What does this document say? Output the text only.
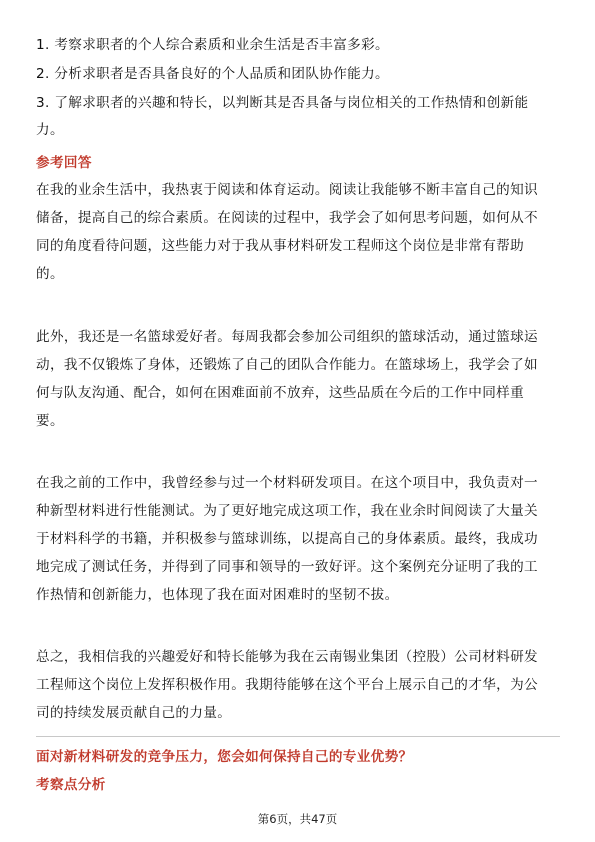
1. 考察求职者的个人综合素质和业余生活是否丰富多彩。
2. 分析求职者是否具备良好的个人品质和团队协作能力。
3. 了解求职者的兴趣和特长，以判断其是否具备与岗位相关的工作热情和创新能
力。
参考回答
在我的业余生活中，我热衷于阅读和体育运动。阅读让我能够不断丰富自己的知识
储备，提高自己的综合素质。在阅读的过程中，我学会了如何思考问题，如何从不
同的角度看待问题，这些能力对于我从事材料研发工程师这个岗位是非常有帮助
的。
此外，我还是一名篮球爱好者。每周我都会参加公司组织的篮球活动，通过篮球运
动，我不仅锻炼了身体，还锻炼了自己的团队合作能力。在篮球场上，我学会了如
何与队友沟通、配合，如何在困难面前不放弃，这些品质在今后的工作中同样重
要。
在我之前的工作中，我曾经参与过一个材料研发项目。在这个项目中，我负责对一
种新型材料进行性能测试。为了更好地完成这项工作，我在业余时间阅读了大量关
于材料科学的书籍，并积极参与篮球训练，以提高自己的身体素质。最终，我成功
地完成了测试任务，并得到了同事和领导的一致好评。这个案例充分证明了我的工
作热情和创新能力，也体现了我在面对困难时的坚韧不拔。
总之，我相信我的兴趣爱好和特长能够为我在云南锡业集团（控股）公司材料研发
工程师这个岗位上发挥积极作用。我期待能够在这个平台上展示自己的才华，为公
司的持续发展贡献自己的力量。
面对新材料研发的竞争压力，您会如何保持自己的专业优势？
考察点分析
第6页，共47页
